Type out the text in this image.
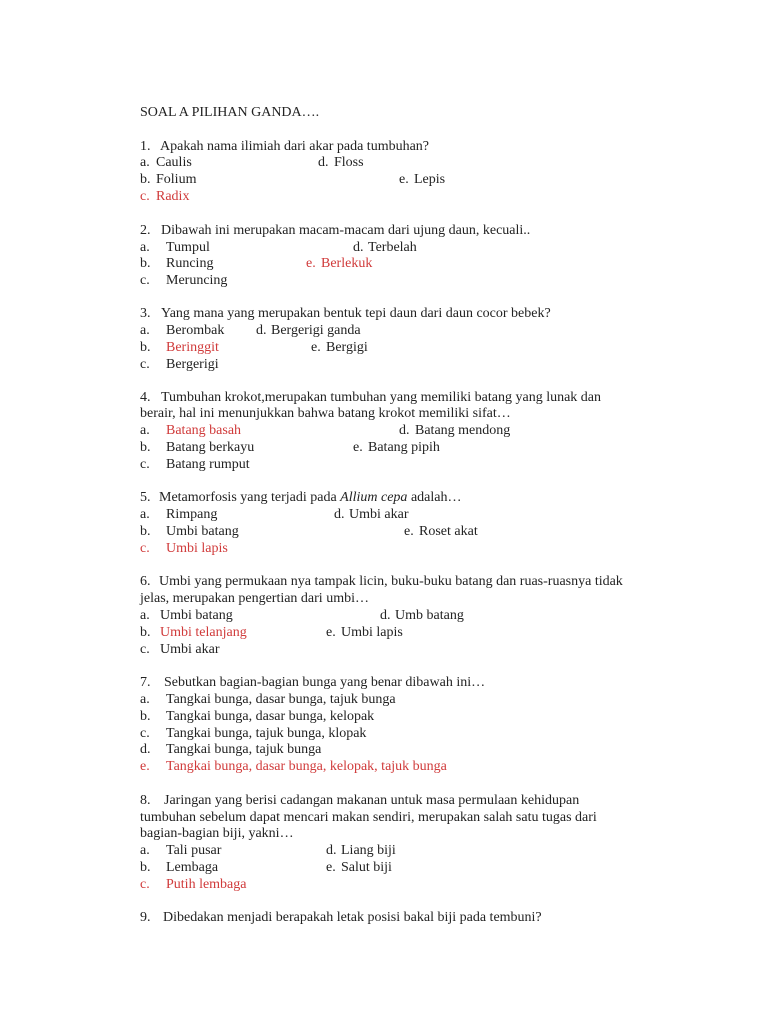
SOAL A PILIHAN GANDA….
1. Apakah nama ilimiah dari akar pada tumbuhan?
a. Caulis	d. Floss
b. Folium	e. Lepis
c. Radix
2. Dibawah ini merupakan macam-macam dari ujung daun, kecuali..
a. Tumpul	d. Terbelah
b. Runcing	e. Berlekuk
c. Meruncing
3. Yang mana yang merupakan bentuk tepi daun dari daun cocor bebek?
a. Berombak d. Bergerigi ganda
b. Beringgit	e. Bergigi
c. Bergerigi
4. Tumbuhan krokot,merupakan tumbuhan yang memiliki batang yang lunak dan
berair, hal ini menunjukkan bahwa batang krokot memiliki sifat…
a. Batang basah	d. Batang mendong
b. Batang berkayu	e. Batang pipih
c. Batang rumput
5. Metamorfosis yang terjadi pada Allium cepa adalah…
a. Rimpang	d. Umbi akar
b. Umbi batang	e. Roset akat
c. Umbi lapis
6. Umbi yang permukaan nya tampak licin, buku-buku batang dan ruas-ruasnya tidak
jelas, merupakan pengertian dari umbi…
a. Umbi batang	d. Umb batang
b. Umbi telanjang	e. Umbi lapis
c. Umbi akar
7. Sebutkan bagian-bagian bunga yang benar dibawah ini…
a. Tangkai bunga, dasar bunga, tajuk bunga
b. Tangkai bunga, dasar bunga, kelopak
c. Tangkai bunga, tajuk bunga, klopak
d. Tangkai bunga, tajuk bunga
e. Tangkai bunga, dasar bunga, kelopak, tajuk bunga
8. Jaringan yang berisi cadangan makanan untuk masa permulaan kehidupan
tumbuhan sebelum dapat mencari makan sendiri, merupakan salah satu tugas dari
bagian-bagian biji, yakni…
a. Tali pusar	d. Liang biji
b. Lembaga	e. Salut biji
c. Putih lembaga
9. Dibedakan menjadi berapakah letak posisi bakal biji pada tembuni?
